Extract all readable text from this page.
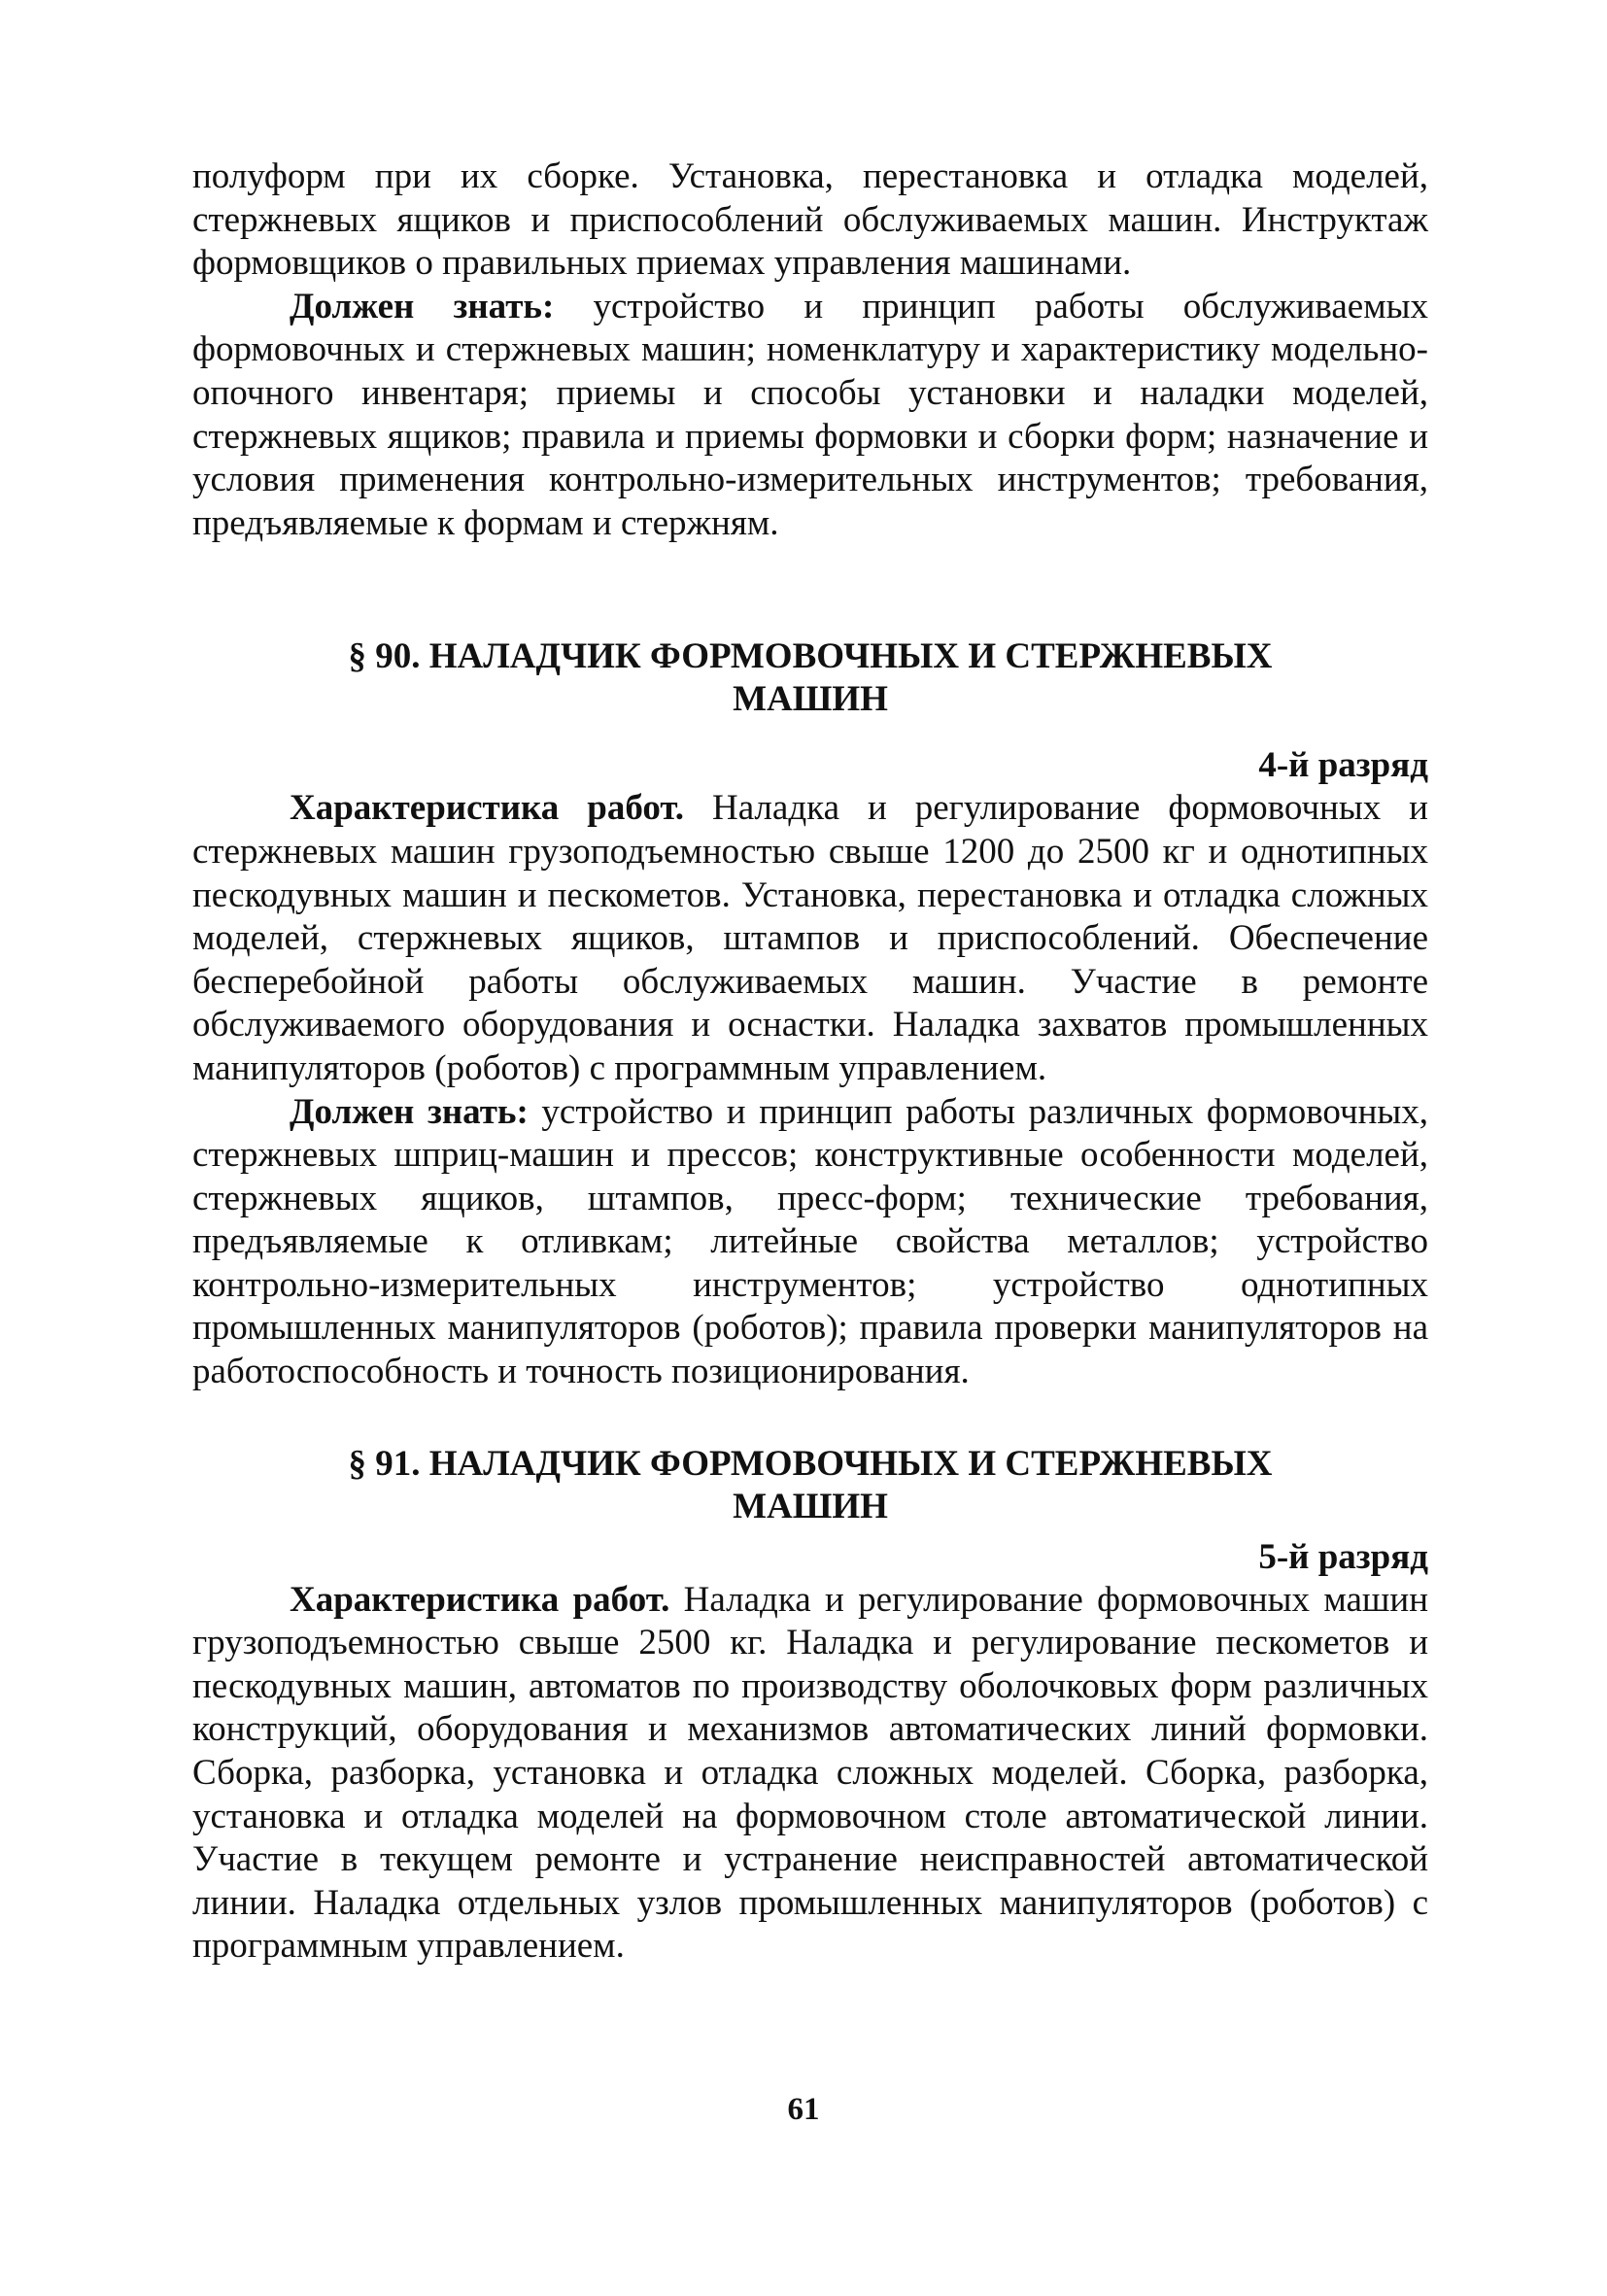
полуформ при их сборке. Установка, перестановка и отладка моделей, стержневых ящиков и приспособлений обслуживаемых машин. Инструктаж формовщиков о правильных приемах управления машинами.

Должен знать: устройство и принцип работы обслуживаемых формовочных и стержневых машин; номенклатуру и характеристику модельно-опочного инвентаря; приемы и способы установки и наладки моделей, стержневых ящиков; правила и приемы формовки и сборки форм; назначение и условия применения контрольно-измерительных инструментов; требования, предъявляемые к формам и стержням.

§ 90. НАЛАДЧИК ФОРМОВОЧНЫХ И СТЕРЖНЕВЫХ
МАШИН
4-й разряд

Характеристика работ. Наладка и регулирование формовочных и стержневых машин грузоподъемностью свыше 1200 до 2500 кг и однотипных пескодувных машин и пескометов. Установка, перестановка и отладка сложных моделей, стержневых ящиков, штампов и приспособлений. Обеспечение бесперебойной работы обслуживаемых машин. Участие в ремонте обслуживаемого оборудования и оснастки. Наладка захватов промышленных манипуляторов (роботов) с программным управлением.

Должен знать: устройство и принцип работы различных формовочных, стержневых шприц-машин и прессов; конструктивные особенности моделей, стержневых ящиков, штампов, пресс-форм; технические требования, предъявляемые к отливкам; литейные свойства металлов; устройство контрольно-измерительных инструментов; устройство однотипных промышленных манипуляторов (роботов); правила проверки манипуляторов на работоспособность и точность позиционирования.

§ 91. НАЛАДЧИК ФОРМОВОЧНЫХ И СТЕРЖНЕВЫХ
МАШИН
5-й разряд

Характеристика работ. Наладка и регулирование формовочных машин грузоподъемностью свыше 2500 кг. Наладка и регулирование пескометов и пескодувных машин, автоматов по производству оболочковых форм различных конструкций, оборудования и механизмов автоматических линий формовки. Сборка, разборка, установка и отладка сложных моделей. Сборка, разборка, установка и отладка моделей на формовочном столе автоматической линии. Участие в текущем ремонте и устранение неисправностей автоматической линии. Наладка отдельных узлов промышленных манипуляторов (роботов) с программным управлением.

61
